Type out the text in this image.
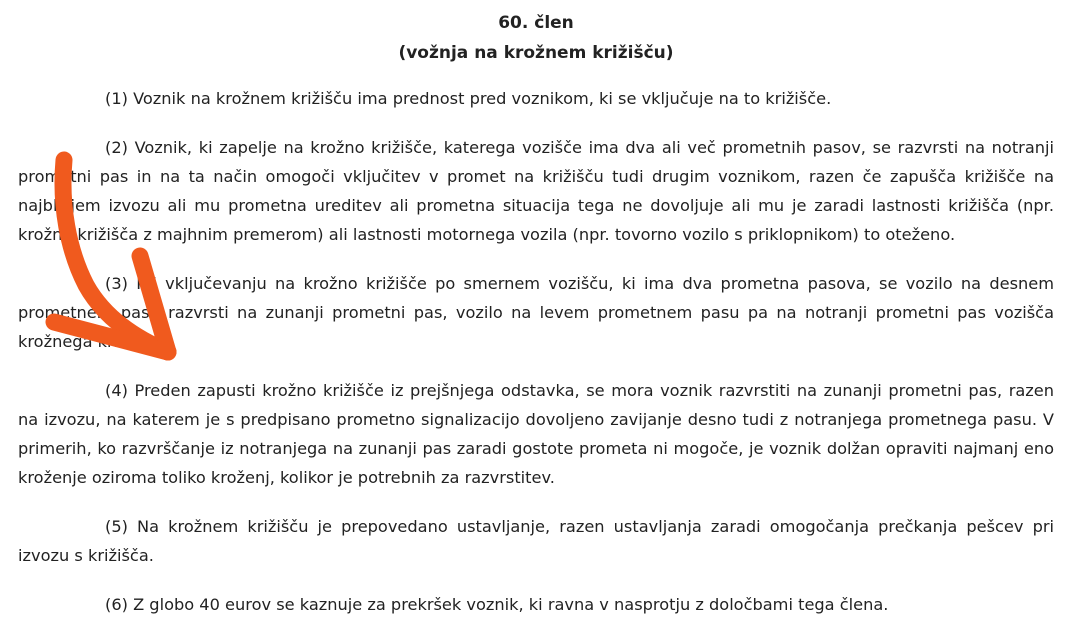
60. člen

(vožnja na krožnem križišču)

(1) Voznik na krožnem križišču ima prednost pred voznikom, ki se vključuje na to križišče.

(2) Voznik, ki zapelje na krožno križišče, katerega vozišče ima dva ali več prometnih pasov, se razvrsti na notranji prometni pas in na ta način omogoči vključitev v promet na križišču tudi drugim voznikom, razen če zapušča križišče na najbližjem izvozu ali mu prometna ureditev ali prometna situacija tega ne dovoljuje ali mu je zaradi lastnosti križišča (npr. krožna križišča z majhnim premerom) ali lastnosti motornega vozila (npr. tovorno vozilo s priklopnikom) to oteženo.

(3) Pri vključevanju na krožno križišče po smernem vozišču, ki ima dva prometna pasova, se vozilo na desnem prometnem pasu razvrsti na zunanji prometni pas, vozilo na levem prometnem pasu pa na notranji prometni pas vozišča krožnega križišča.

(4) Preden zapusti krožno križišče iz prejšnjega odstavka, se mora voznik razvrstiti na zunanji prometni pas, razen na izvozu, na katerem je s predpisano prometno signalizacijo dovoljeno zavijanje desno tudi z notranjega prometnega pasu. V primerih, ko razvrščanje iz notranjega na zunanji pas zaradi gostote prometa ni mogoče, je voznik dolžan opraviti najmanj eno kroženje oziroma toliko kroženj, kolikor je potrebnih za razvrstitev.

(5) Na krožnem križišču je prepovedano ustavljanje, razen ustavljanja zaradi omogočanja prečkanja pešcev pri izvozu s križišča.

(6) Z globo 40 eurov se kaznuje za prekršek voznik, ki ravna v nasprotju z določbami tega člena.
